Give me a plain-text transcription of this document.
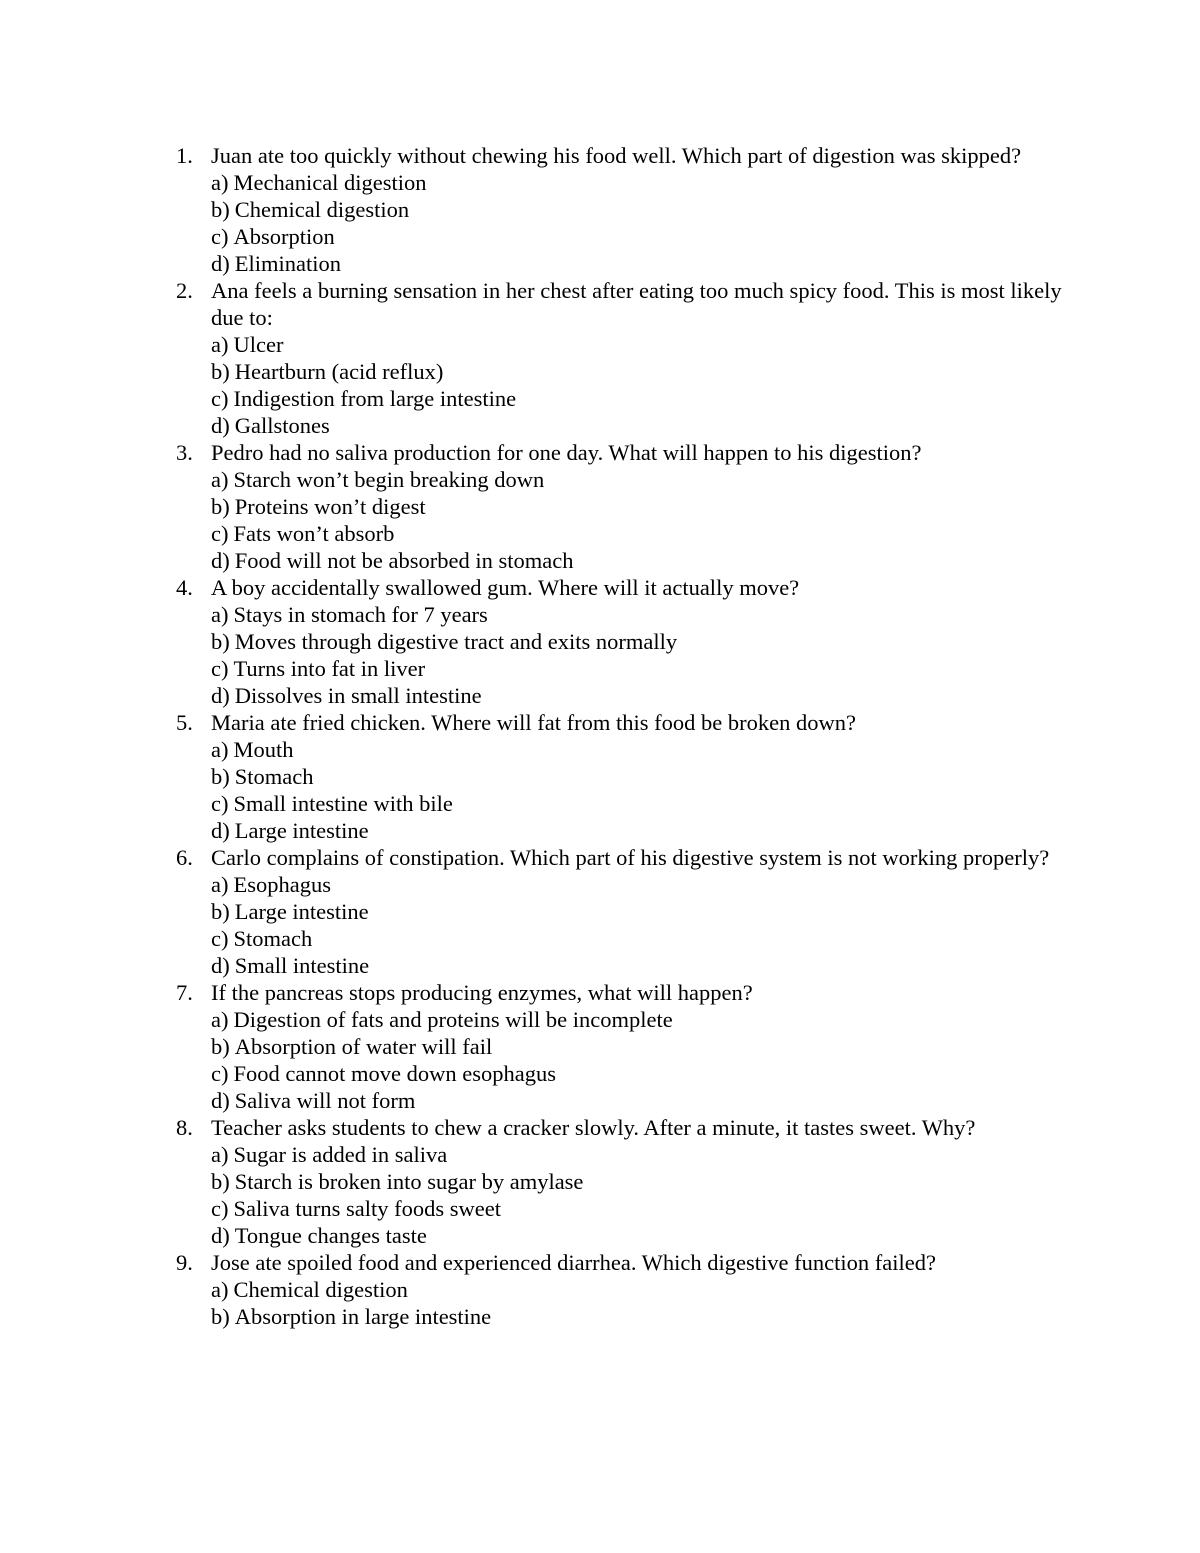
1. Juan ate too quickly without chewing his food well. Which part of digestion was skipped?
a) Mechanical digestion
b) Chemical digestion
c) Absorption
d) Elimination
2. Ana feels a burning sensation in her chest after eating too much spicy food. This is most likely due to:
a) Ulcer
b) Heartburn (acid reflux)
c) Indigestion from large intestine
d) Gallstones
3. Pedro had no saliva production for one day. What will happen to his digestion?
a) Starch won’t begin breaking down
b) Proteins won’t digest
c) Fats won’t absorb
d) Food will not be absorbed in stomach
4. A boy accidentally swallowed gum. Where will it actually move?
a) Stays in stomach for 7 years
b) Moves through digestive tract and exits normally
c) Turns into fat in liver
d) Dissolves in small intestine
5. Maria ate fried chicken. Where will fat from this food be broken down?
a) Mouth
b) Stomach
c) Small intestine with bile
d) Large intestine
6. Carlo complains of constipation. Which part of his digestive system is not working properly?
a) Esophagus
b) Large intestine
c) Stomach
d) Small intestine
7. If the pancreas stops producing enzymes, what will happen?
a) Digestion of fats and proteins will be incomplete
b) Absorption of water will fail
c) Food cannot move down esophagus
d) Saliva will not form
8. Teacher asks students to chew a cracker slowly. After a minute, it tastes sweet. Why?
a) Sugar is added in saliva
b) Starch is broken into sugar by amylase
c) Saliva turns salty foods sweet
d) Tongue changes taste
9. Jose ate spoiled food and experienced diarrhea. Which digestive function failed?
a) Chemical digestion
b) Absorption in large intestine
